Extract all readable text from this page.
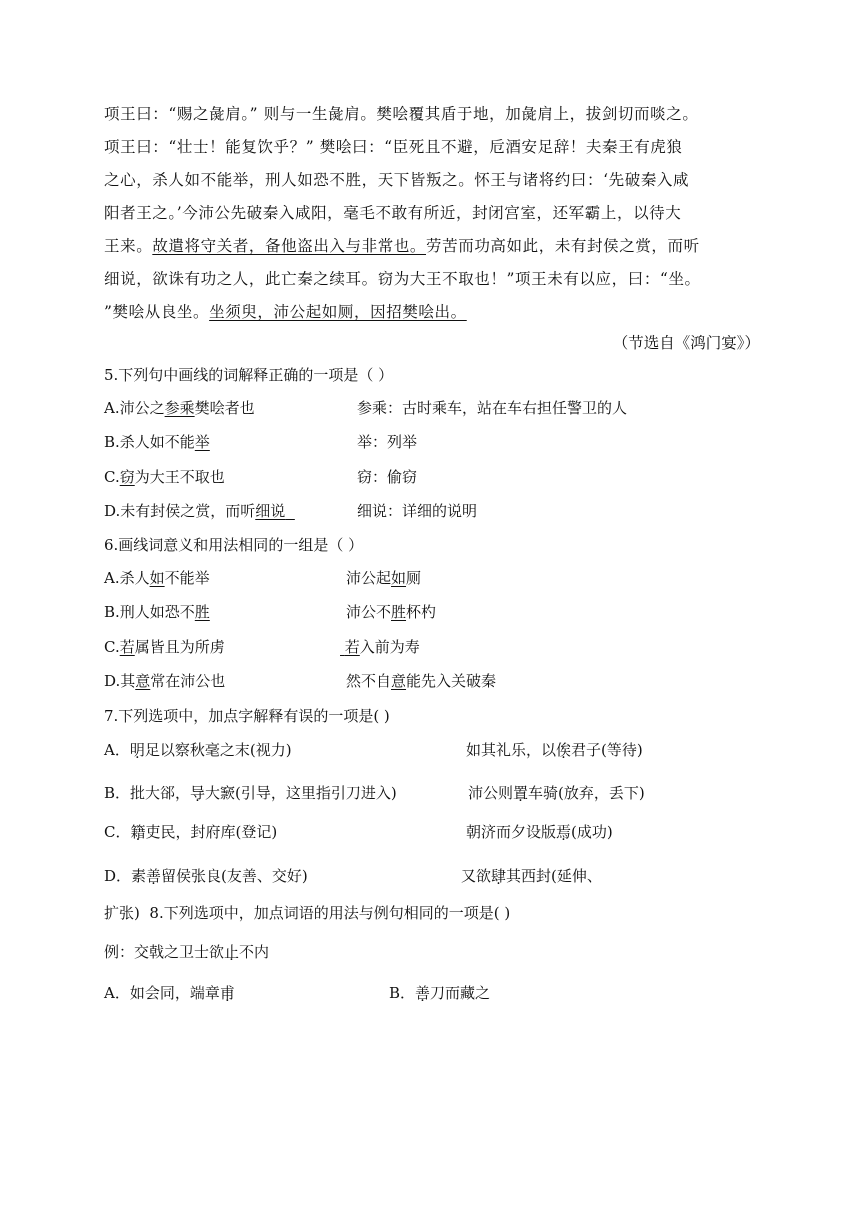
项王曰：“赐之彘肩。” 则与一生彘肩。樊哙覆其盾于地，加彘肩上，拔剑切而啖之。
项王曰：“壮士！能复饮乎？” 樊哙曰：“臣死且不避，卮酒安足辞！夫秦王有虎狼
之心，杀人如不能举，刑人如恐不胜，天下皆叛之。怀王与诸将约曰：‘先破秦入咸
阳者王之。’今沛公先破秦入咸阳，毫毛不敢有所近，封闭宫室，还军霸上，以待大
王来。故遣将守关者，备他盗出入与非常也。劳苦而功高如此，未有封侯之赏，而听
细说，欲诛有功之人，此亡秦之续耳。窃为大王不取也！”项王未有以应，曰：“坐。
”樊哙从良坐。坐须臾，沛公起如厕，因招樊哙出。
（节选自《鸿门宴》）
5.下列句中画线的词解释正确的一项是（ ）
A.沛公之参乘樊哙者也	参乘：古时乘车，站在车右担任警卫的人
B.杀人如不能举	举：列举
C.窃为大王不取也	窃：偷窃
D.未有封侯之赏，而听细说	细说：详细的说明
6.画线词意义和用法相同的一组是（ ）
A.杀人如不能举	沛公起如厕
B.刑人如恐不胜	沛公不胜杯杓
C.若属皆且为所虏	若入前为寿
D.其意常在沛公也	然不自意能先入关破秦
7.下列选项中，加点字解释有误的一项是( )
A．明足以察秋毫之末(视力)	如其礼乐，以俟君子(等待)
B．批大郤，导大窾(引导，这里指引刀进入)	沛公则置车骑(放弃，丢下)
C．籍吏民，封府库(登记)	朝济而夕设版焉(成功)
D．素善留侯张良(友善、交好)	又欲肆其西封(延伸、
扩张) 8.下列选项中，加点词语的用法与例句相同的一项是( )
例：交戟之卫士欲止不内
A．如会同，端章甫	B．善刀而藏之
